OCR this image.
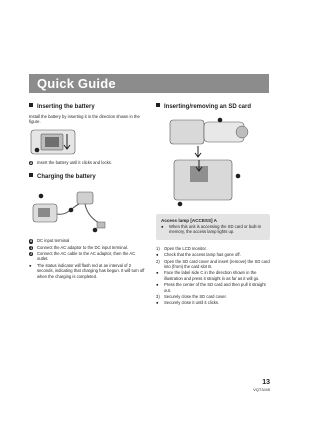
Quick Guide
Inserting the battery

Install the battery by inserting it in the direction shown in the figure.

A	Insert the battery until it clicks and locks.
Charging the battery
A	DC input terminal
1	Connect the AC adaptor to the DC input terminal.
2	Connect the AC cable to the AC adaptor, then the AC outlet.
●	The status indicator will flash red at an interval of 2 seconds, indicating that charging has begun. It will turn off when the charging is completed.
Inserting/removing an SD card
Access lamp [ACCESS] A
●	When this unit is accessing the SD card or built-in memory, the access lamp lights up.
1)	Open the LCD monitor.
●	Check that the access lamp has gone off.
2)	Open the SD card cover and insert (remove) the SD card into (from) the card slot B.
●	Face the label side C in the direction shown in the illustration and press it straight in as far as it will go.
●	Press the center of the SD card and then pull it straight out.
3)	Securely close the SD card cover.
●	Securely close it until it clicks.
13
VQT3J45
